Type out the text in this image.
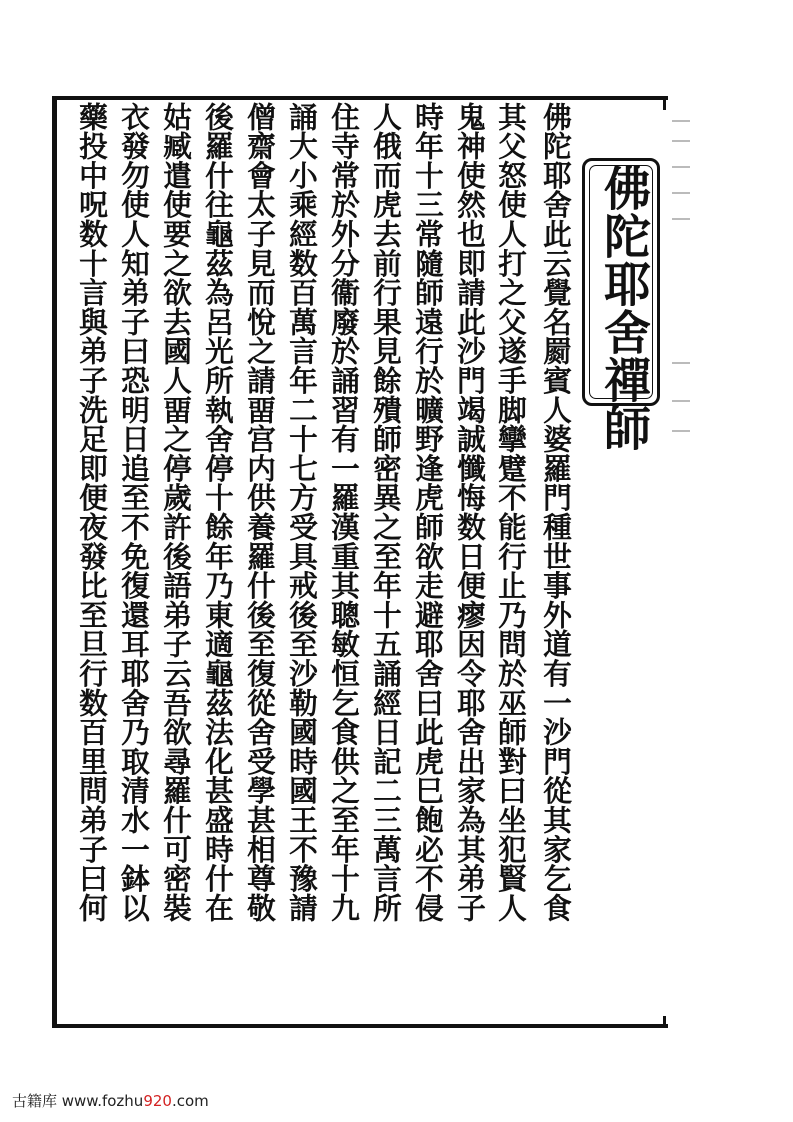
佛陀耶舍禪師
佛陀耶舍此云覺名罽賓人婆羅門種世事外道有一沙門從其家乞食
其父怒使人打之父遂手脚攣躄不能行止乃問於巫師對曰坐犯賢人
鬼神使然也即請此沙門竭誠懺悔数日便瘳因令耶舍出家為其弟子
時年十三常隨師遠行於曠野逢虎師欲走避耶舍曰此虎巳飽必不侵
人俄而虎去前行果見餘殨師密異之至年十五誦經日記二三萬言所
住寺常於外分衞廢於誦習有一羅漢重其聰敏恒乞食供之至年十九
誦大小乘經数百萬言年二十七方受具戒後至沙勒國時國王不豫請
僧齋會太子見而悅之請畱宫内供養羅什後至復從舍受學甚相尊敬
後羅什往龜茲為呂光所執舍停十餘年乃東適龜茲法化甚盛時什在
姑臧遣使要之欲去國人畱之停歲許後語弟子云吾欲尋羅什可密裝
衣發勿使人知弟子曰恐明日追至不免復還耳耶舍乃取清水一鉢以
藥投中呪数十言與弟子洗足即便夜發比至旦行数百里問弟子曰何
古籍库 www.fozhu920.com
